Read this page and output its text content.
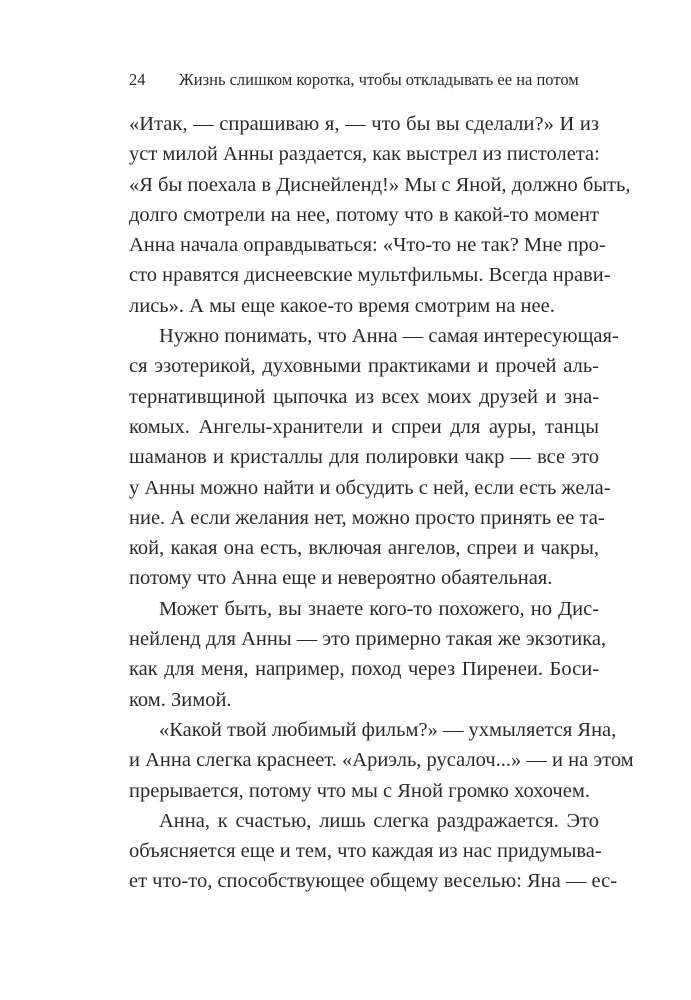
24 Жизнь слишком коротка, чтобы откладывать ее на потом
«Итак, — спрашиваю я, — что бы вы сделали?» И из
уст милой Анны раздается, как выстрел из пистолета:
«Я бы поехала в Диснейленд!» Мы с Яной, должно быть,
долго смотрели на нее, потому что в какой-то момент
Анна начала оправдываться: «Что-то не так? Мне про-
сто нравятся диснеевские мультфильмы. Всегда нрави-
лись». А мы еще какое-то время смотрим на нее.
Нужно понимать, что Анна — самая интересующая-
ся эзотерикой, духовными практиками и прочей аль-
тернативщиной цыпочка из всех моих друзей и зна-
комых. Ангелы-хранители и спреи для ауры, танцы
шаманов и кристаллы для полировки чакр — все это
у Анны можно найти и обсудить с ней, если есть жела-
ние. А если желания нет, можно просто принять ее та-
кой, какая она есть, включая ангелов, спреи и чакры,
потому что Анна еще и невероятно обаятельная.
Может быть, вы знаете кого-то похожего, но Дис-
нейленд для Анны — это примерно такая же экзотика,
как для меня, например, поход через Пиренеи. Боси-
ком. Зимой.
«Какой твой любимый фильм?» — ухмыляется Яна,
и Анна слегка краснеет. «Ариэль, русалоч...» — и на этом
прерывается, потому что мы с Яной громко хохочем.
Анна, к счастью, лишь слегка раздражается. Это
объясняется еще и тем, что каждая из нас придумыва-
ет что-то, способствующее общему веселью: Яна — ес-
